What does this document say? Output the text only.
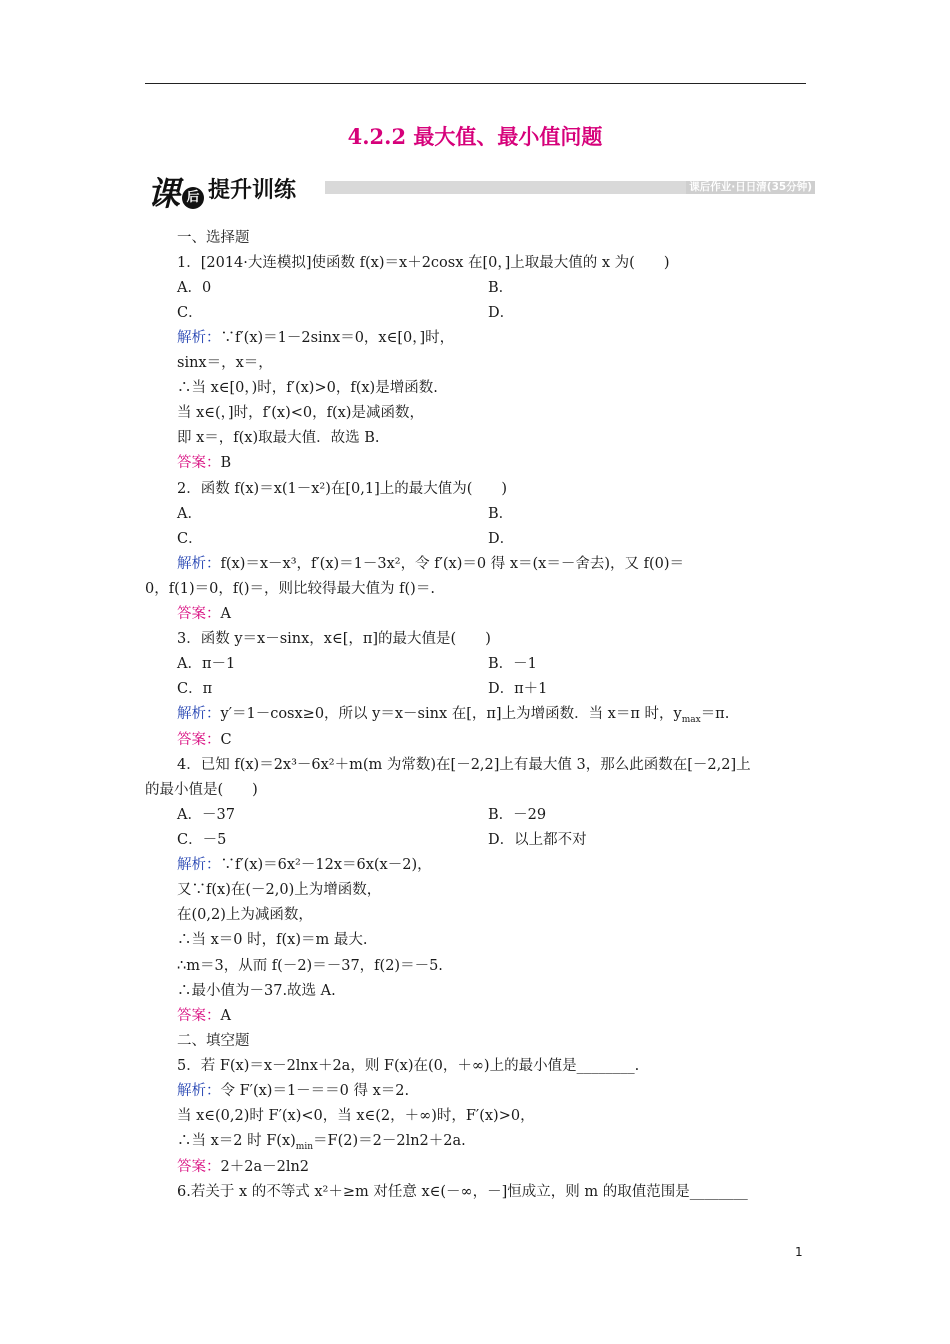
4.2.2 最大值、最小值问题
课 后 提升训练	课后作业·日日清(35分钟)
一、选择题
1．[2014·大连模拟]使函数 f(x)＝x＋2cosx 在[0，]上取最大值的 x 为(　　)
A．0	B．
C．	D．
解析：∵f′(x)＝1－2sinx＝0，x∈[0，]时，
sinx＝，x＝，
∴当 x∈[0，)时，f′(x)>0，f(x)是增函数.
当 x∈(，]时，f′(x)<0，f(x)是减函数，
即 x＝，f(x)取最大值．故选 B.
答案：B
2．函数 f(x)＝x(1－x²)在[0,1]上的最大值为(　　)
A．	B．
C．	D．
解析：f(x)＝x－x³，f′(x)＝1－3x²，令 f′(x)＝0 得 x＝(x＝－舍去)，又 f(0)＝
0，f(1)＝0，f()＝，则比较得最大值为 f()＝.
答案：A
3．函数 y＝x－sinx，x∈[，π]的最大值是(　　)
A．π－1	B．－1
C．π	D．π＋1
解析：y′＝1－cosx≥0，所以 y＝x－sinx 在[，π]上为增函数．当 x＝π 时，$y_{max}=\pi$.
答案：C
4．已知 f(x)＝2x³－6x²＋m(m 为常数)在[－2,2]上有最大值 3，那么此函数在[－2,2]上
的最小值是(　　)
A．－37	B．－29
C．－5	D．以上都不对
解析：∵f′(x)＝6x²－12x＝6x(x－2)，
又∵f(x)在(－2,0)上为增函数，
在(0,2)上为减函数，
∴当 x＝0 时，f(x)＝m 最大.
∴m＝3，从而 f(－2)＝－37，f(2)＝－5.
∴最小值为－37.故选 A.
答案：A
二、填空题
5．若 F(x)＝x－2lnx＋2a，则 F(x)在(0，＋∞)上的最小值是________.
解析：令 F′(x)＝1－＝＝0 得 x＝2.
当 x∈(0,2)时 F′(x)<0，当 x∈(2，＋∞)时，F′(x)>0，
∴当 x＝2 时 $F(x)_{min}=F(2)=2-2\ln 2+2a$.
答案：2＋2a－2ln2
6.若关于 x 的不等式 x²＋≥m 对任意 x∈(－∞，－]恒成立，则 m 的取值范围是________
1
